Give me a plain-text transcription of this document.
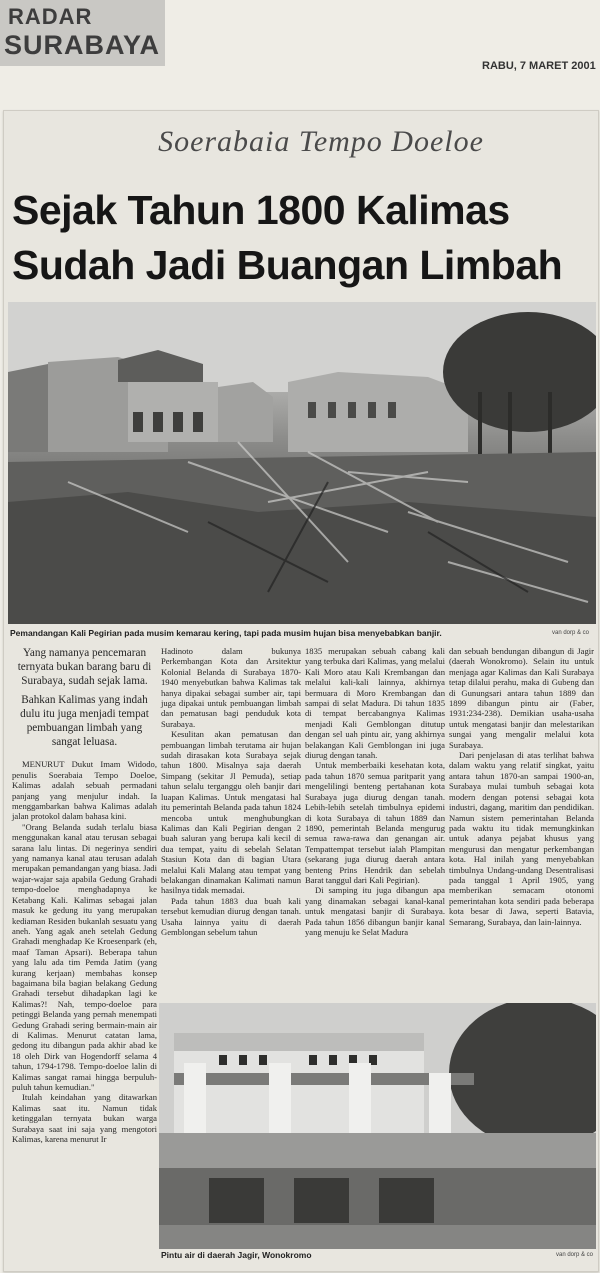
RADAR
SURABAYA
RABU, 7 MARET 2001
Soerabaia Tempo Doeloe
Sejak Tahun 1800 Kalimas
Sudah Jadi Buangan Limbah
Pemandangan Kali Pegirian pada musim kemarau kering, tapi pada musim hujan bisa menyebabkan banjir.	van dorp & co

Yang namanya pencemaran ternyata bukan barang baru di Surabaya, sudah sejak lama.

Bahkan Kalimas yang indah dulu itu juga menjadi tempat pembuangan limbah yang sangat leluasa.

MENURUT Dukut Imam Widodo, penulis Soerabaia Tempo Doeloe, Kalimas adalah sebuah permadani panjang yang menjulur indah. Ia menggambarkan bahwa Kalimas adalah jalan protokol dalam bahasa kini.

"Orang Belanda sudah terlalu biasa menggunakan kanal atau terusan sebagai sarana lalu lintas. Di negerinya sendiri yang namanya kanal atau terusan adalah merupakan pemandangan yang biasa. Jadi wajar-wajar saja apabila Gedung Grahadi tempo-doeloe menghadapnya ke Ketabang Kali. Kalimas sebagai jalan masuk ke gedung itu yang merupakan kediaman Residen bukanlah sesuatu yang aneh. Yang agak aneh setelah Gedung Grahadi menghadap Ke Kroesenpark (eh, maaf Taman Apsari). Beberapa tahun yang lalu ada tim Pemda Jatim (yang kurang kerjaan) membahas konsep bagaimana bila bagian belakang Gedung Grahadi tersebut dihadapkan lagi ke Kalimas?! Nah, tempo-doeloe para petinggi Belanda yang pernah menempati Gedung Grahadi sering bermain-main air di Kalimas. Menurut catatan lama, gedong itu dibangun pada akhir abad ke 18 oleh Dirk van Hogendorff selama 4 tahun, 1794-1798. Tempo-doeloe lalin di Kalimas sangat ramai hingga berpuluh-puluh tahun kemudian."

Itulah keindahan yang ditawarkan Kalimas saat itu. Namun tidak ketinggalan ternyata bukan warga Surabaya saat ini saja yang mengotori Kalimas, karena menurut Ir

Hadinoto dalam bukunya Perkembangan Kota dan Arsitektur Kolonial Belanda di Surabaya 1870-1940 menyebutkan bahwa Kalimas tak hanya dipakai sebagai sumber air, tapi juga dipakai untuk pembuangan limbah dan pematusan bagi penduduk kota Surabaya.

Kesulitan akan pematusan dan pembuangan limbah terutama air hujan sudah dirasakan kota Surabaya sejak tahun 1800. Misalnya saja daerah Simpang (sekitar Jl Pemuda), setiap tahun selalu terganggu oleh banjir dari luapan Kalimas. Untuk mengatasi hal itu pemerintah Belanda pada tahun 1824 mencoba untuk menghubungkan Kalimas dan Kali Pegirian dengan 2 buah saluran yang berupa kali kecil di dua tempat, yaitu di sebelah Selatan Stasiun Kota dan di bagian Utara melalui Kali Malang atau tempat yang belakangan dinamakan Kalimati namun hasilnya tidak memadai.

Pada tahun 1883 dua buah kali tersebut kemudian diurug dengan tanah. Usaha lainnya yaitu di daerah Gemblongan sebelum tahun

1835 merupakan sebuah cabang kali yang terbuka dari Kalimas, yang melalui Kali Moro atau Kali Krembangan dan melalui kali-kali lainnya, akhirnya bermuara di Moro Krembangan dan sampai di selat Madura. Di tahun 1835 di tempat bercabangnya Kalimas menjadi Kali Gemblongan ditutup dengan sel uah pintu air, yang akhirnya belakangan Kali Gemblongan ini juga diurug dengan tanah.

Untuk memberbaiki kesehatan kota, pada tahun 1870 semua paritparit yang mengelilingi benteng pertahanan kota Surabaya juga diurug dengan tanah. Lebih-lebih setelah timbulnya epidemi di kota Surabaya di tahun 1889 dan 1890, pemerintah Belanda mengurug semua rawa-rawa dan genangan air. Tempattempat tersebut ialah Plampitan (sekarang juga diurug daerah antara benteng Prins Hendrik dan sebelah Barat tanggul dari Kali Pegirian).

Di samping itu juga dibangun apa yang dinamakan sebagai kanal-kanal untuk mengatasi banjir di Surabaya. Pada tahun 1856 dibangun banjir kanal yang menuju ke Selat Madura

dan sebuah bendungan dibangun di Jagir (daerah Wonokromo). Selain itu untuk menjaga agar Kalimas dan Kali Surabaya tetap dilalui perahu, maka di Gubeng dan di Gunungsari antara tahun 1889 dan 1899 dibangun pintu air (Faber, 1931:234-238). Demikian usaha-usaha untuk mengatasi banjir dan melestarikan sungai yang mengalir melalui kota Surabaya.

Dari penjelasan di atas terlihat bahwa dalam waktu yang relatif singkat, yaitu antara tahun 1870-an sampai 1900-an, Surabaya mulai tumbuh sebagai kota modern dengan potensi sebagai kota industri, dagang, maritim dan pendidikan. Namun sistem pemerintahan Belanda pada waktu itu tidak memungkinkan untuk adanya pejabat khusus yang mengurusi dan mengatur perkembangan kota. Hal inilah yang menyebabkan timbulnya Undang-undang Desentralisasi pada tanggal 1 April 1905, yang memberikan semacam otonomi pemerintahan kota sendiri pada beberapa kota besar di Jawa, seperti Batavia, Semarang, Surabaya, dan lain-lainnya.

Pintu air di daerah Jagir, Wonokromo	van dorp & co
